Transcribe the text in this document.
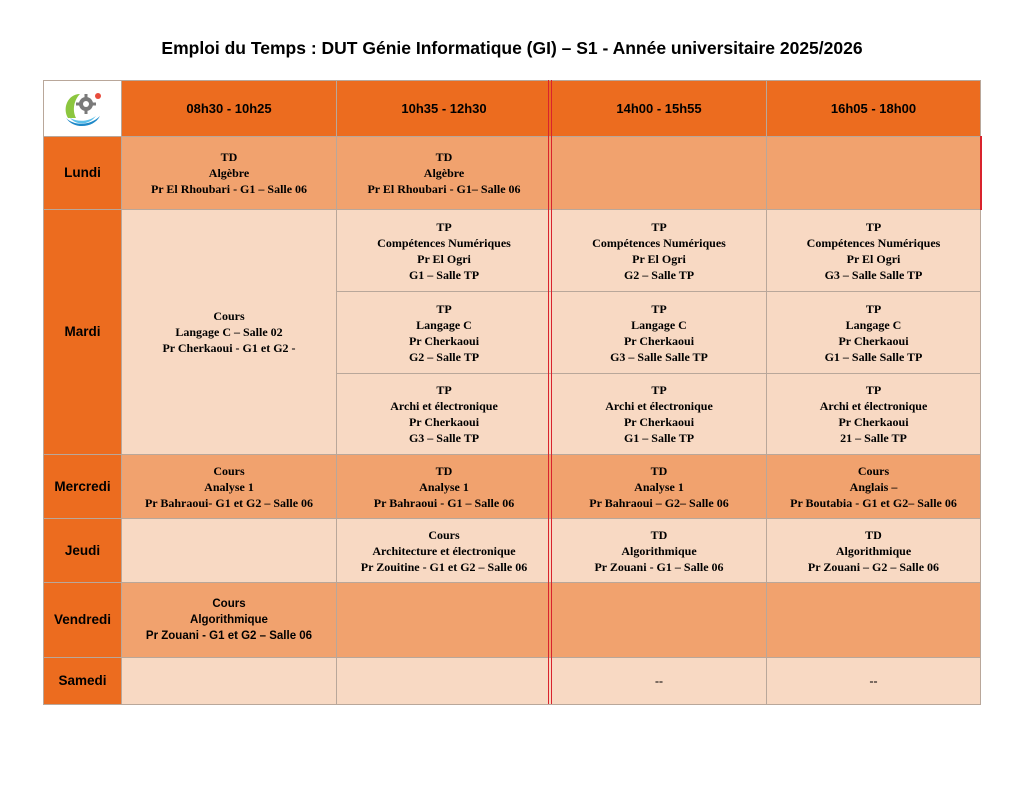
Emploi du Temps : DUT Génie Informatique (GI) – S1 - Année universitaire 2025/2026
	08h30 - 10h25	10h35 - 12h30	14h00 - 15h55	16h05 - 18h00
Lundi	TD
Algèbre
Pr El Rhoubari - G1 – Salle 06	TD
Algèbre
Pr El Rhoubari - G1– Salle 06		

Mardi	Cours
Langage C – Salle 02
Pr Cherkaoui - G1 et G2 -	TP
Compétences Numériques
Pr El Ogri
G1 – Salle TP	TP
Compétences Numériques
Pr El Ogri
G2 – Salle TP	TP
Compétences Numériques
Pr El Ogri
G3 – Salle Salle TP

		TP
Langage C
Pr Cherkaoui
G2 – Salle TP	TP
Langage C
Pr Cherkaoui
G3 – Salle Salle TP	TP
Langage C
Pr Cherkaoui
G1 – Salle Salle TP

		TP
Archi et électronique
Pr Cherkaoui
G3 – Salle TP	TP
Archi et électronique
Pr Cherkaoui
G1 – Salle TP	TP
Archi et électronique
Pr Cherkaoui
21 – Salle TP

Mercredi	Cours
Analyse 1
Pr Bahraoui- G1 et G2 – Salle 06	TD
Analyse 1
Pr Bahraoui - G1 – Salle 06	TD
Analyse 1
Pr Bahraoui – G2– Salle 06	Cours
Anglais –
Pr Boutabia - G1 et G2– Salle 06

Jeudi		Cours
Architecture et électronique
Pr Zouitine - G1 et G2 – Salle 06	TD
Algorithmique
Pr Zouani - G1 – Salle 06	TD
Algorithmique
Pr Zouani – G2 – Salle 06

Vendredi	Cours
Algorithmique
Pr Zouani - G1 et G2 – Salle 06			

Samedi			--	--
